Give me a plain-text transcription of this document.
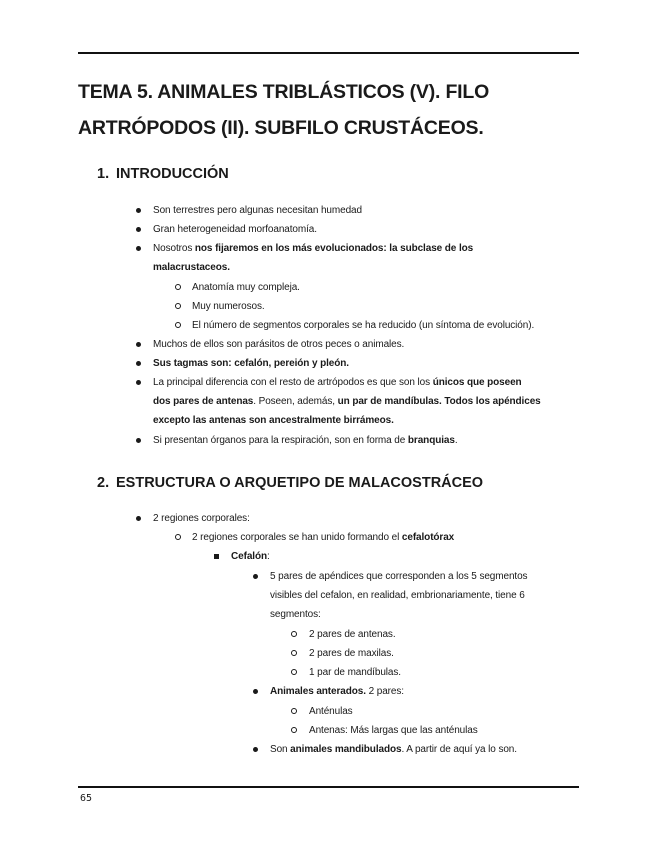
TEMA 5. ANIMALES TRIBLÁSTICOS (V). FILO
ARTRÓPODOS (II). SUBFILO CRUSTÁCEOS.
1. INTRODUCCIÓN
Son terrestres pero algunas necesitan humedad
Gran heterogeneidad morfoanatomía.
Nosotros nos fijaremos en los más evolucionados: la subclase de los
malacrustaceos.
Anatomía muy compleja.
Muy numerosos.
El número de segmentos corporales se ha reducido (un síntoma de evolución).
Muchos de ellos son parásitos de otros peces o animales.
Sus tagmas son: cefalón, pereión y pleón.
La principal diferencia con el resto de artrópodos es que son los únicos que poseen
dos pares de antenas. Poseen, además, un par de mandíbulas. Todos los apéndices
excepto las antenas son ancestralmente birrámeos.
Si presentan órganos para la respiración, son en forma de branquias.
2. ESTRUCTURA O ARQUETIPO DE MALACOSTRÁCEO
2 regiones corporales:
2 regiones corporales se han unido formando el cefalotórax
Cefalón:
5 pares de apéndices que corresponden a los 5 segmentos
visibles del cefalon, en realidad, embrionariamente, tiene 6
segmentos:
2 pares de antenas.
2 pares de maxilas.
1 par de mandíbulas.
Animales anterados. 2 pares:
Anténulas
Antenas: Más largas que las anténulas
Son animales mandibulados. A partir de aquí ya lo son.
65
